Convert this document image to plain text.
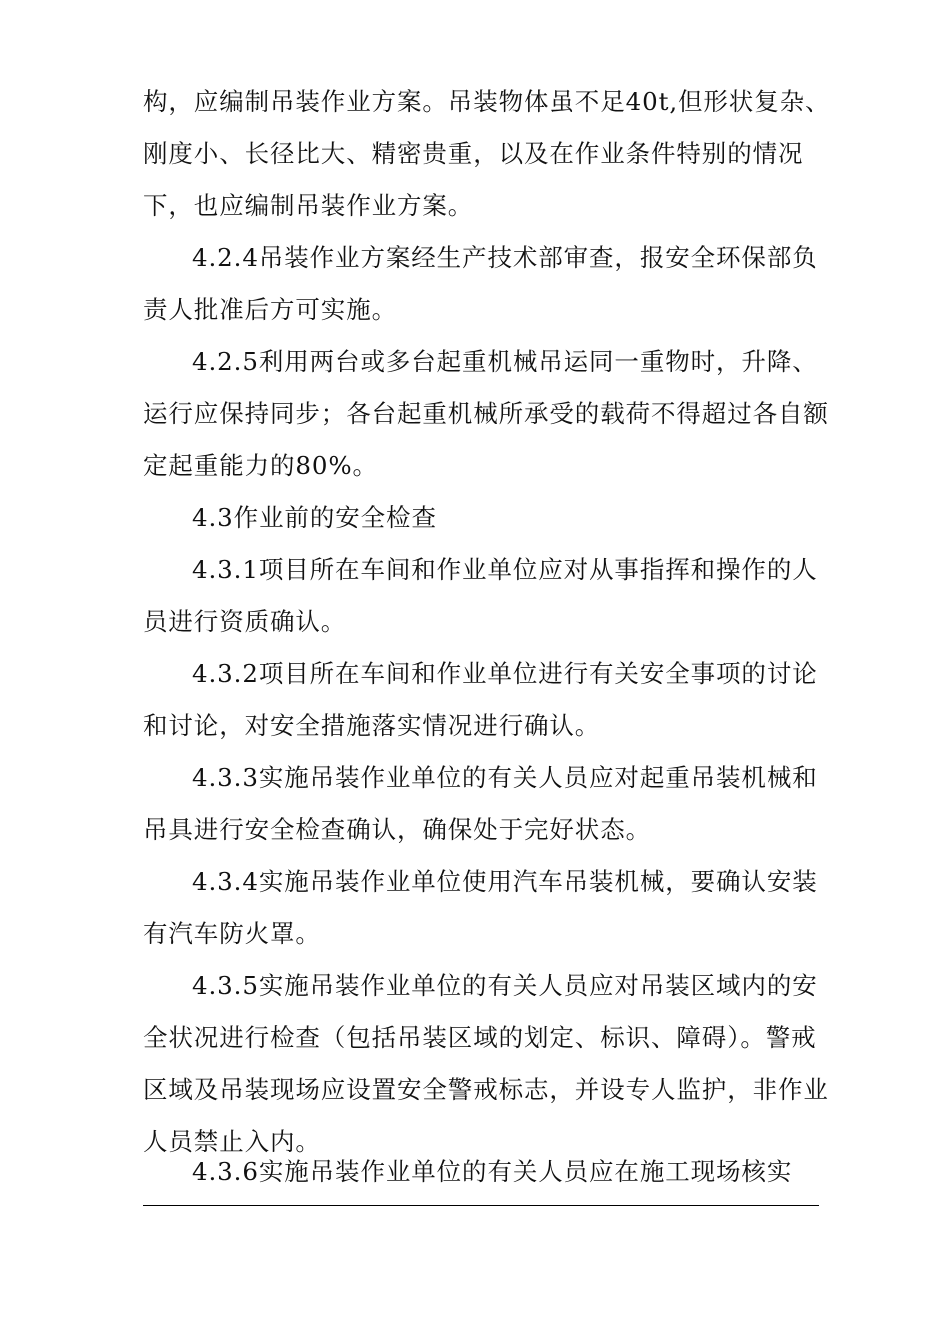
构，应编制吊装作业方案。吊装物体虽不足40t,但形状复杂、
刚度小、长径比大、精密贵重，以及在作业条件特别的情况
下，也应编制吊装作业方案。
4.2.4吊装作业方案经生产技术部审查，报安全环保部负
责人批准后方可实施。
4.2.5利用两台或多台起重机械吊运同一重物时，升降、
运行应保持同步；各台起重机械所承受的载荷不得超过各自额
定起重能力的80%。
4.3作业前的安全检查
4.3.1项目所在车间和作业单位应对从事指挥和操作的人
员进行资质确认。
4.3.2项目所在车间和作业单位进行有关安全事项的讨论
和讨论，对安全措施落实情况进行确认。
4.3.3实施吊装作业单位的有关人员应对起重吊装机械和
吊具进行安全检查确认，确保处于完好状态。
4.3.4实施吊装作业单位使用汽车吊装机械，要确认安装
有汽车防火罩。
4.3.5实施吊装作业单位的有关人员应对吊装区域内的安
全状况进行检查（包括吊装区域的划定、标识、障碍）。警戒
区域及吊装现场应设置安全警戒标志，并设专人监护，非作业
人员禁止入内。
4.3.6实施吊装作业单位的有关人员应在施工现场核实
